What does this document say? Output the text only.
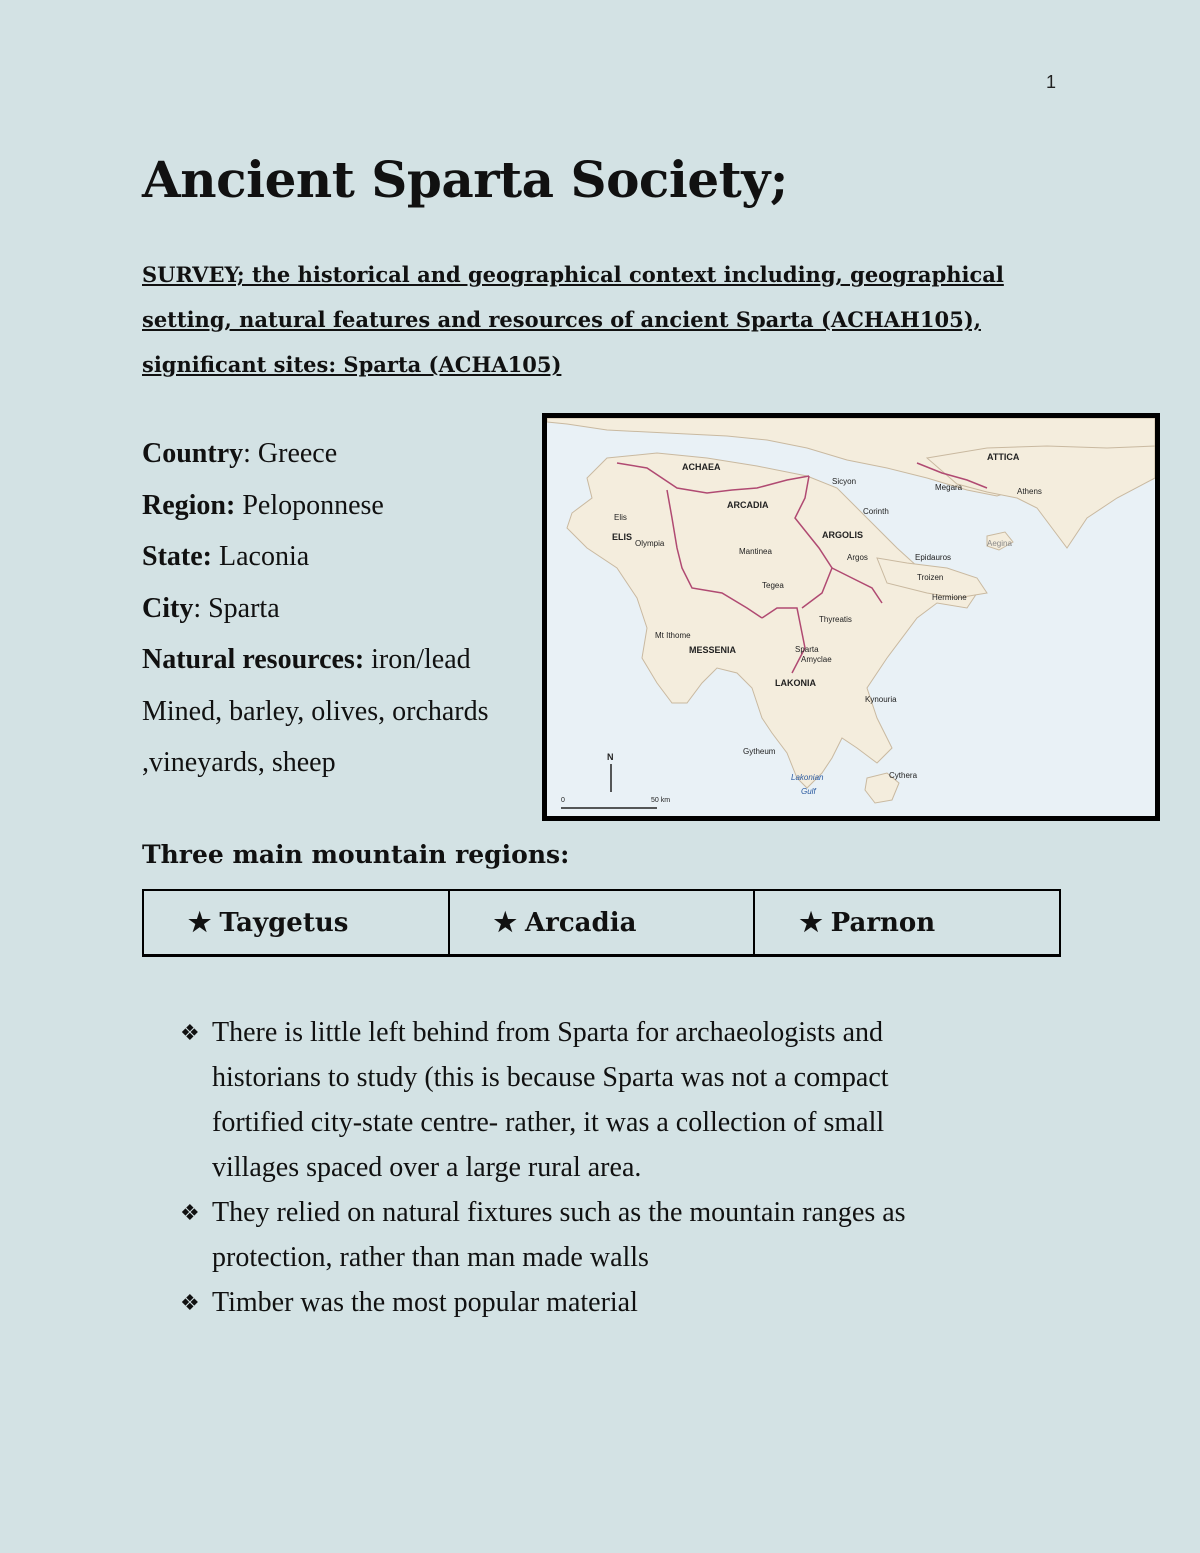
1
Ancient Sparta Society;

SURVEY; the historical and geographical context including, geographical
setting, natural features and resources of ancient Sparta (ACHAH105),
significant sites: Sparta (ACHA105)

Country: Greece
Region: Peloponnese
State: Laconia
City: Sparta
Natural resources: iron/lead
Mined, barley, olives, orchards
,vineyards, sheep
ACHAEA
ARCADIA
ARGOLIS
ATTICA
ELIS
MESSENIA
LAKONIA
Sicyon
Corinth
Megara	Athens
Aegina
Epidauros
Argos
Troizen
Hermione
Mantinea
Tegea
Olympia
Elis
Thyreatis
Mt Ithome
Sparta
Amyclae
Kynouria
Gytheum
Cythera
Lakonian
Gulf
N
0	50 km
Three main mountain regions:
★ Taygetus	★ Arcadia	★ Parnon
❖ There is little left behind from Sparta for archaeologists and
historians to study (this is because Sparta was not a compact
fortified city-state centre- rather, it was a collection of small
villages spaced over a large rural area.
❖ They relied on natural fixtures such as the mountain ranges as
protection, rather than man made walls
❖ Timber was the most popular material
